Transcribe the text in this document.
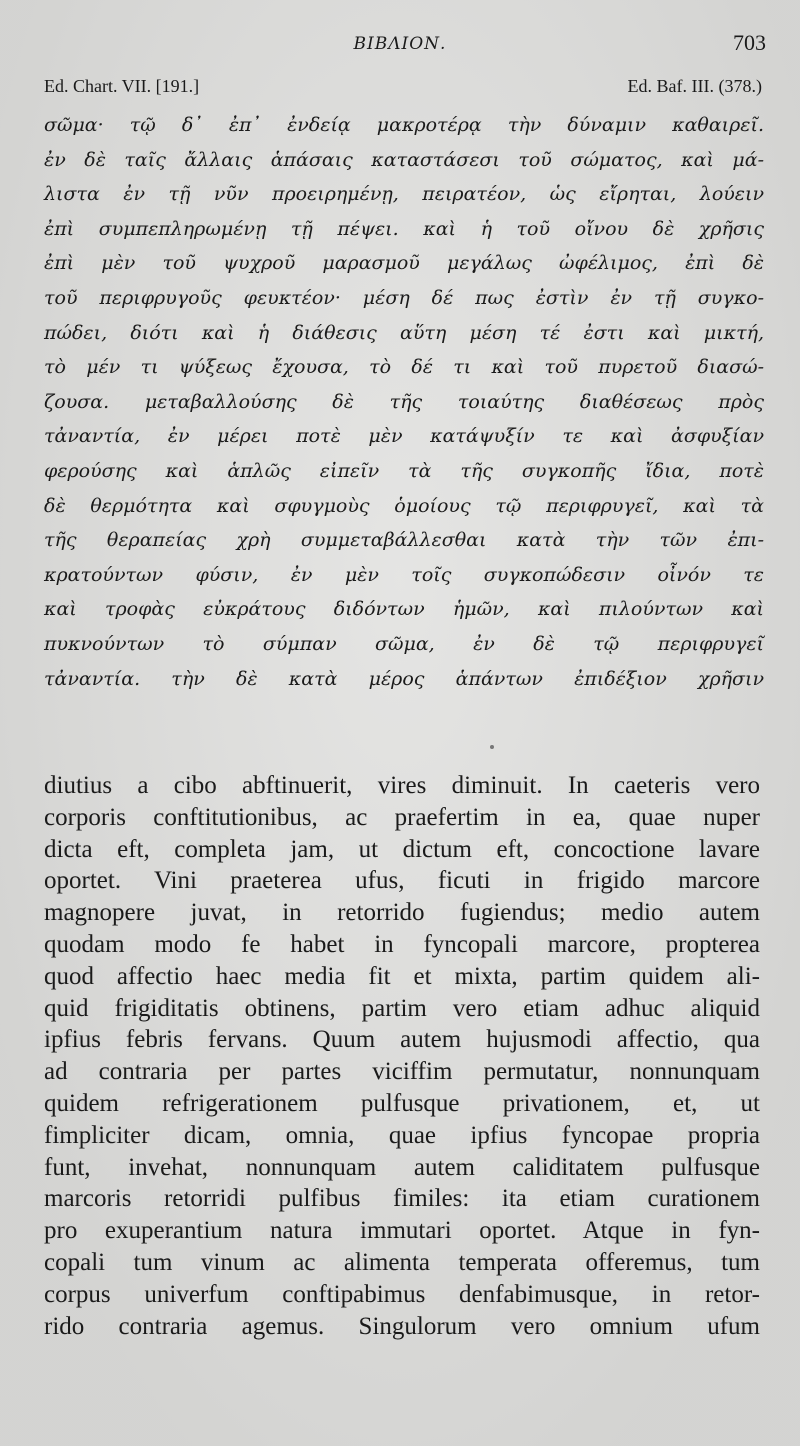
ΒΙΒΛΙΟΝ.	703
Ed. Chart. VII. [191.]	Ed. Baf. III. (378.)
σῶμα· τῷ δ᾽ ἐπ᾽ ἐνδείᾳ μακροτέρᾳ τὴν δύναμιν καθαιρεῖ.
ἐν δὲ ταῖς ἄλλαις ἁπάσαις καταστάσεσι τοῦ σώματος, καὶ μά-
λιστα ἐν τῇ νῦν προειρημένῃ, πειρατέον, ὡς εἴρηται, λούειν
ἐπὶ συμπεπληρωμένῃ τῇ πέψει. καὶ ἡ τοῦ οἴνου δὲ χρῆσις
ἐπὶ μὲν τοῦ ψυχροῦ μαρασμοῦ μεγάλως ὠφέλιμος, ἐπὶ δὲ
τοῦ περιφρυγοῦς φευκτέον· μέση δέ πως ἐστὶν ἐν τῇ συγκο-
πώδει, διότι καὶ ἡ διάθεσις αὕτη μέση τέ ἐστι καὶ μικτή,
τὸ μέν τι ψύξεως ἔχουσα, τὸ δέ τι καὶ τοῦ πυρετοῦ διασώ-
ζουσα. μεταβαλλούσης δὲ τῆς τοιαύτης διαθέσεως πρὸς
τἀναντία, ἐν μέρει ποτὲ μὲν κατάψυξίν τε καὶ ἀσφυξίαν
φερούσης καὶ ἁπλῶς εἰπεῖν τὰ τῆς συγκοπῆς ἴδια, ποτὲ
δὲ θερμότητα καὶ σφυγμοὺς ὁμοίους τῷ περιφρυγεῖ, καὶ τὰ
τῆς θεραπείας χρὴ συμμεταβάλλεσθαι κατὰ τὴν τῶν ἐπι-
κρατούντων φύσιν, ἐν μὲν τοῖς συγκοπώδεσιν οἶνόν τε
καὶ τροφὰς εὐκράτους διδόντων ἡμῶν, καὶ πιλούντων καὶ
πυκνούντων τὸ σύμπαν σῶμα, ἐν δὲ τῷ περιφρυγεῖ
τἀναντία. τὴν δὲ κατὰ μέρος ἁπάντων ἐπιδέξιον χρῆσιν
diutius a cibo abftinuerit, vires diminuit. In caeteris vero
corporis conftitutionibus, ac praefertim in ea, quae nuper
dicta eft, completa jam, ut dictum eft, concoctione lavare
oportet. Vini praeterea ufus, ficuti in frigido marcore
magnopere juvat, in retorrido fugiendus; medio autem
quodam modo fe habet in fyncopali marcore, propterea
quod affectio haec media fit et mixta, partim quidem ali-
quid frigiditatis obtinens, partim vero etiam adhuc aliquid
ipfius febris fervans. Quum autem hujusmodi affectio, qua
ad contraria per partes viciffim permutatur, nonnunquam
quidem refrigerationem pulfusque privationem, et, ut
fimpliciter dicam, omnia, quae ipfius fyncopae propria
funt, invehat, nonnunquam autem caliditatem pulfusque
marcoris retorridi pulfibus fimiles: ita etiam curationem
pro exuperantium natura immutari oportet. Atque in fyn-
copali tum vinum ac alimenta temperata offeremus, tum
corpus univerfum conftipabimus denfabimusque, in retor-
rido contraria agemus. Singulorum vero omnium ufum
